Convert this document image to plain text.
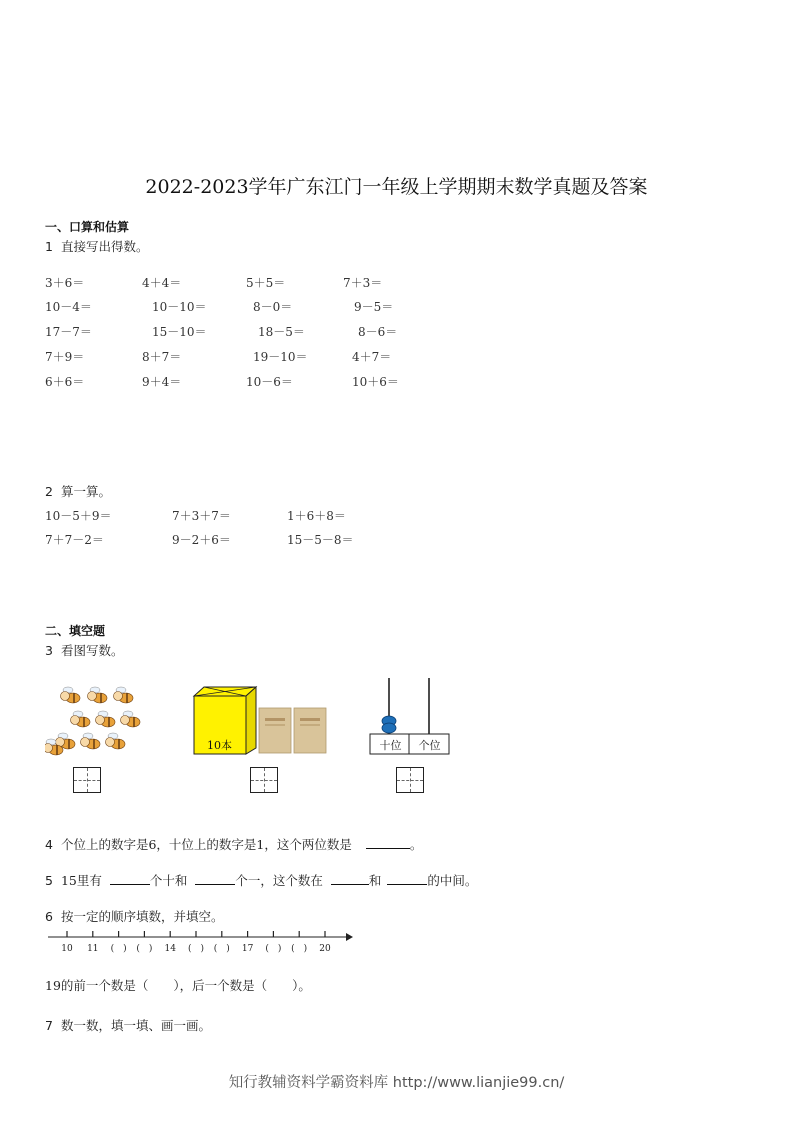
2022-2023学年广东江门一年级上学期期末数学真题及答案
一、口算和估算
1 直接写出得数。
3＋6＝	4＋4＝	5＋5＝	7＋3＝
10－4＝	10－10＝	8－0＝	9－5＝
17－7＝	15－10＝	18－5＝	8－6＝
7＋9＝	8＋7＝	19－10＝	4＋7＝
6＋6＝	9＋4＝	10－6＝	10＋6＝
2 算一算。
10－5＋9＝	7＋3＋7＝	1＋6＋8＝
7＋7－2＝	9－2＋6＝	15－5－8＝
二、填空题
3 看图写数。
10本	十位	个位
4 个位上的数字是6，十位上的数字是1，这个两位数是	。
5 15里有	个十和	个一，这个数在	和	的中间。
6 按一定的顺序填数，并填空。
10 11 (　) (　) 14 (　) (　) 17 (　) (　) 20
19的前一个数是（　　），后一个数是（　　）。
7 数一数，填一填、画一画。
知行教辅资料学霸资料库 http://www.lianjie99.cn/
